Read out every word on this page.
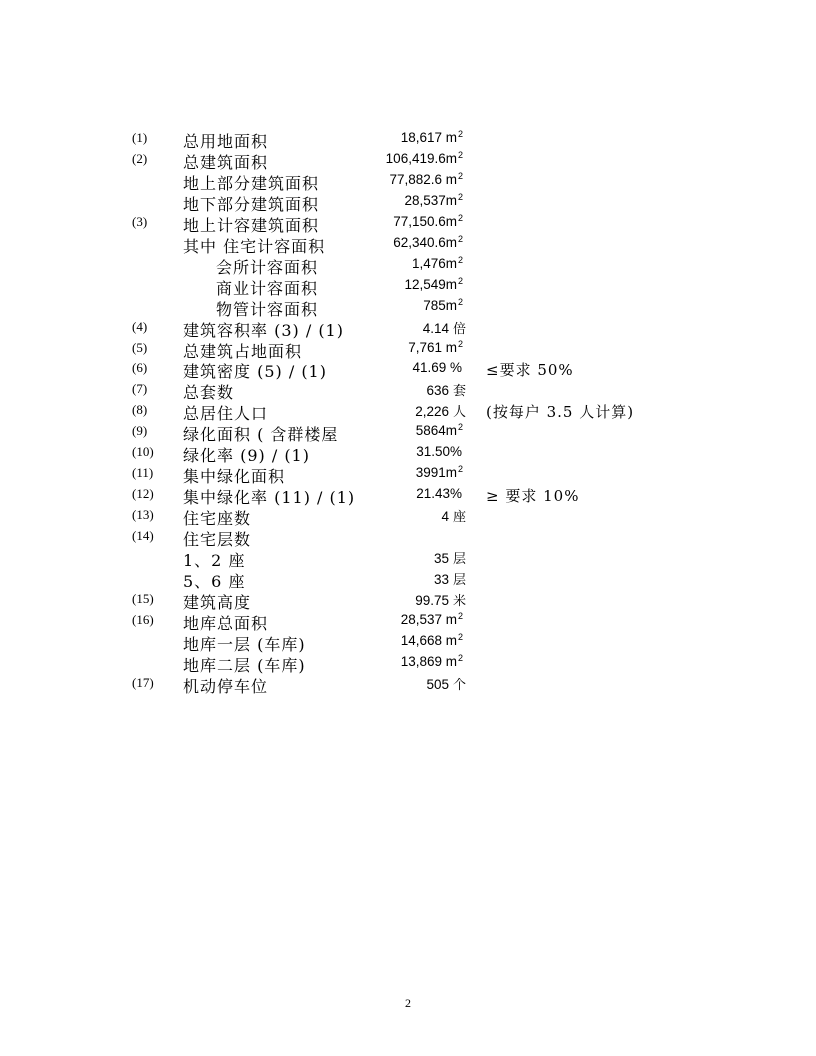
(1) 总用地面积	18,617 $m^2$
(2) 总建筑面积	$106,419.6m^2$
地上部分建筑面积	77,882.6 $m^2$
地下部分建筑面积	$28,537m^2$
(3) 地上计容建筑面积	$77,150.6m^2$
其中 住宅计容面积	$62,340.6m^2$
会所计容面积	$1,476m^2$
商业计容面积	$12,549m^2$
物管计容面积	$785m^2$
(4) 建筑容积率 (3) / (1)	4.14 倍
(5) 总建筑占地面积	7,761 $m^2$
(6) 建筑密度 (5) / (1)	41.69 % ≤要求 50%
(7) 总套数	636 套
(8) 总居住人口	2,226 人 (按每户 3.5 人计算)
(9) 绿化面积 ( 含群楼屋	$5864m^2$
(10) 绿化率 (9) / (1)	31.50%
(11) 集中绿化面积	$3991m^2$
(12) 集中绿化率 (11) / (1)	21.43% ≥ 要求 10%
(13) 住宅座数	4 座
(14) 住宅层数
1、2 座	35 层
5、6 座	33 层
(15) 建筑高度	99.75 米
(16) 地库总面积	28,537 $m^2$
地库一层 (车库)	14,668 $m^2$
地库二层 (车库)	13,869 $m^2$
(17) 机动停车位	505 个
2
